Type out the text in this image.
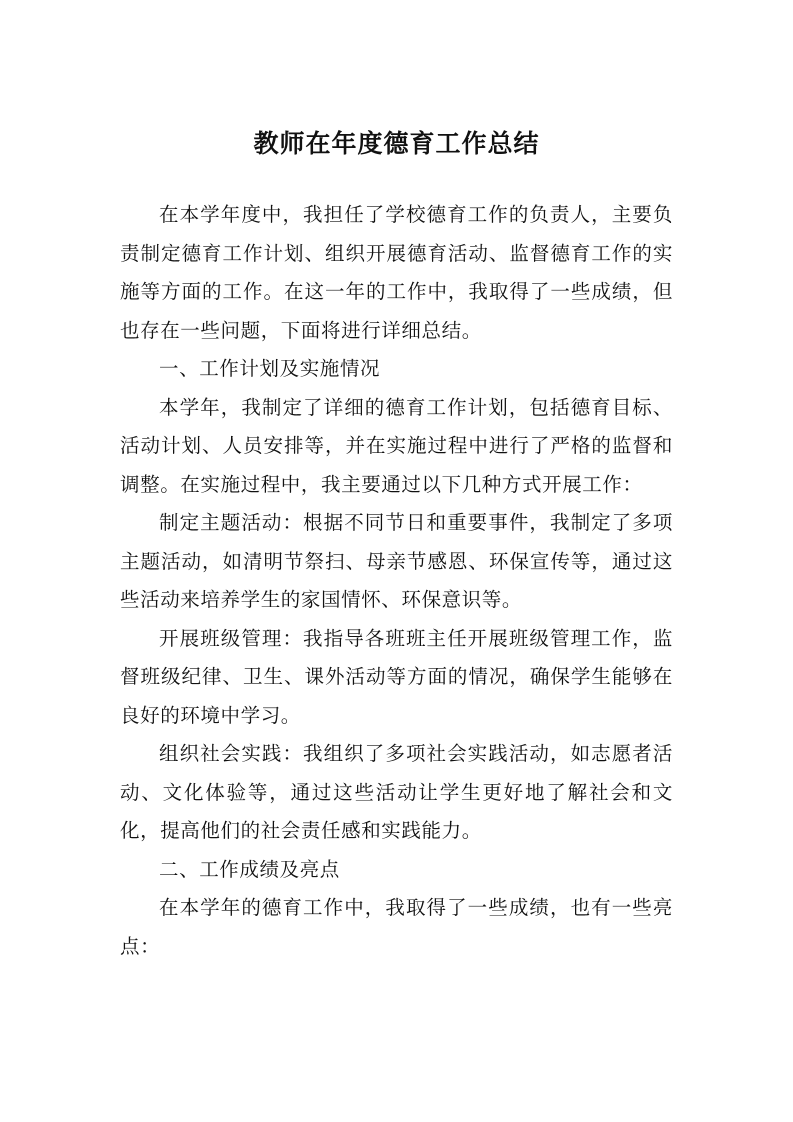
教师在年度德育工作总结

在本学年度中，我担任了学校德育工作的负责人，主要负责制定德育工作计划、组织开展德育活动、监督德育工作的实施等方面的工作。在这一年的工作中，我取得了一些成绩，但也存在一些问题，下面将进行详细总结。

一、工作计划及实施情况

本学年，我制定了详细的德育工作计划，包括德育目标、活动计划、人员安排等，并在实施过程中进行了严格的监督和调整。在实施过程中，我主要通过以下几种方式开展工作：

制定主题活动：根据不同节日和重要事件，我制定了多项主题活动，如清明节祭扫、母亲节感恩、环保宣传等，通过这些活动来培养学生的家国情怀、环保意识等。

开展班级管理：我指导各班班主任开展班级管理工作，监督班级纪律、卫生、课外活动等方面的情况，确保学生能够在良好的环境中学习。

组织社会实践：我组织了多项社会实践活动，如志愿者活动、文化体验等，通过这些活动让学生更好地了解社会和文化，提高他们的社会责任感和实践能力。

二、工作成绩及亮点

在本学年的德育工作中，我取得了一些成绩，也有一些亮点：
